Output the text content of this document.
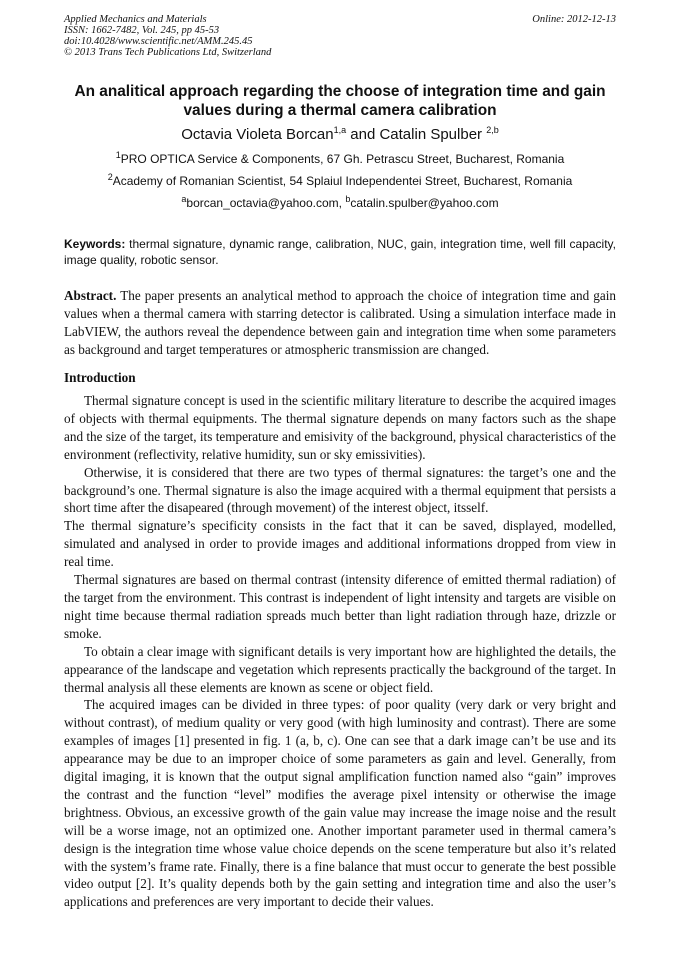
Applied Mechanics and Materials
ISSN: 1662-7482, Vol. 245, pp 45-53
doi:10.4028/www.scientific.net/AMM.245.45
© 2013 Trans Tech Publications Ltd, Switzerland
Online: 2012-12-13
An analitical approach regarding the choose of integration time and gain values during a thermal camera calibration
Octavia Violeta Borcan$^{1,a}$ and Catalin Spulber $^{2,b}$
$^1$PRO OPTICA Service & Components, 67 Gh. Petrascu Street, Bucharest, Romania
$^2$Academy of Romanian Scientist, 54 Splaiul Independentei Street, Bucharest, Romania
$^a$borcan_octavia@yahoo.com, $^b$catalin.spulber@yahoo.com
Keywords: thermal signature, dynamic range, calibration, NUC, gain, integration time, well fill capacity, image quality, robotic sensor.
Abstract. The paper presents an analytical method to approach the choice of integration time and gain values when a thermal camera with starring detector is calibrated. Using a simulation interface made in LabVIEW, the authors reveal the dependence between gain and integration time when some parameters as background and target temperatures or atmospheric transmission are changed.
Introduction

Thermal signature concept is used in the scientific military literature to describe the acquired images of objects with thermal equipments. The thermal signature depends on many factors such as the shape and the size of the target, its temperature and emisivity of the background, physical characteristics of the environment (reflectivity, relative humidity, sun or sky emissivities).

Otherwise, it is considered that there are two types of thermal signatures: the target’s one and the background’s one. Thermal signature is also the image acquired with a thermal equipment that persists a short time after the disapeared (through movement) of the interest object, itsself.

The thermal signature’s specificity consists in the fact that it can be saved, displayed, modelled, simulated and analysed in order to provide images and additional informations dropped from view in real time.

Thermal signatures are based on thermal contrast (intensity diference of emitted thermal radiation) of the target from the environment. This contrast is independent of light intensity and targets are visible on night time because thermal radiation spreads much better than light radiation through haze, drizzle or smoke.

To obtain a clear image with significant details is very important how are highlighted the details, the appearance of the landscape and vegetation which represents practically the background of the target. In thermal analysis all these elements are known as scene or object field.

The acquired images can be divided in three types: of poor quality (very dark or very bright and without contrast), of medium quality or very good (with high luminosity and contrast). There are some examples of images [1] presented in fig. 1 (a, b, c). One can see that a dark image can’t be use and its appearance may be due to an improper choice of some parameters as gain and level. Generally, from digital imaging, it is known that the output signal amplification function named also “gain” improves the contrast and the function “level” modifies the average pixel intensity or otherwise the image brightness. Obvious, an excessive growth of the gain value may increase the image noise and the result will be a worse image, not an optimized one. Another important parameter used in thermal camera’s design is the integration time whose value choice depends on the scene temperature but also it’s related with the system’s frame rate. Finally, there is a fine balance that must occur to generate the best possible video output [2]. It’s quality depends both by the gain setting and integration time and also the user’s applications and preferences are very important to decide their values.
